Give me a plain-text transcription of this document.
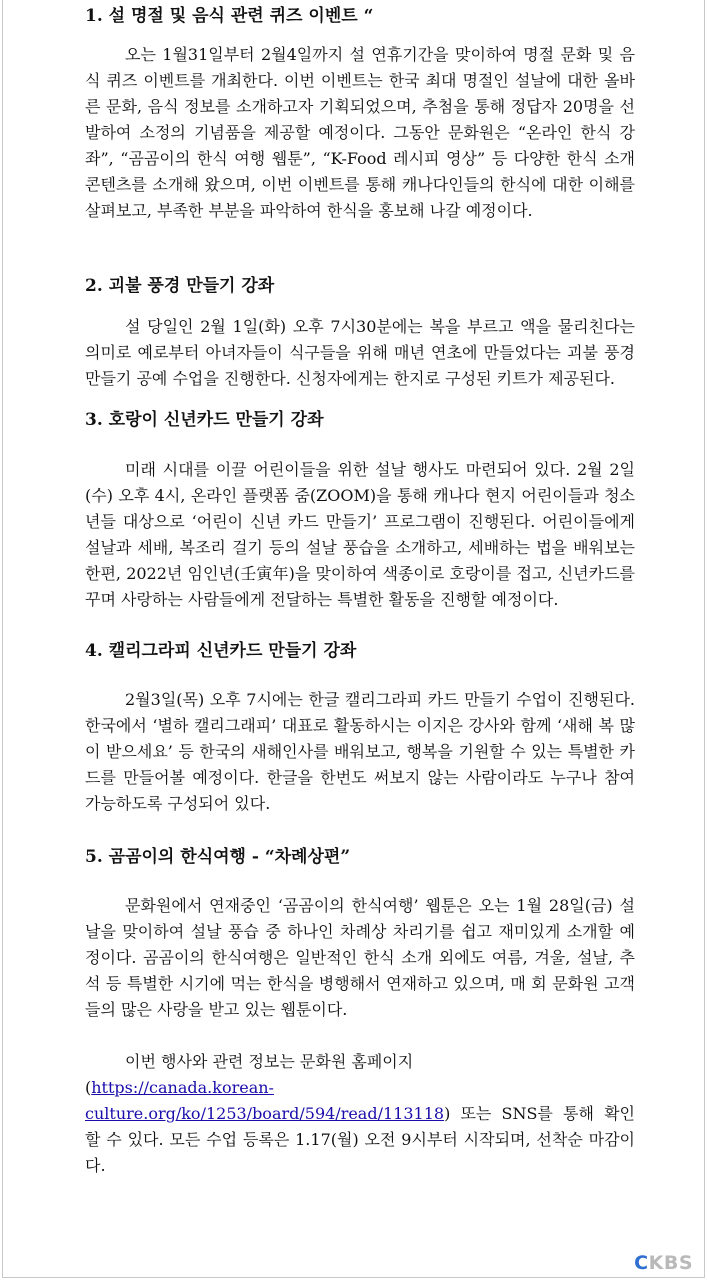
1. 설 명절 및 음식 관련 퀴즈 이벤트 “

오는 1월31일부터 2월4일까지 설 연휴기간을 맞이하여 명절 문화 및 음식 퀴즈 이벤트를 개최한다. 이번 이벤트는 한국 최대 명절인 설날에 대한 올바른 문화, 음식 정보를 소개하고자 기획되었으며, 추첨을 통해 정답자 20명을 선발하여 소정의 기념품을 제공할 예정이다. 그동안 문화원은 “온라인 한식 강좌”, “곰곰이의 한식 여행 웹툰”, “K-Food 레시피 영상” 등 다양한 한식 소개 콘텐츠를 소개해 왔으며, 이번 이벤트를 통해 캐나다인들의 한식에 대한 이해를 살펴보고, 부족한 부분을 파악하여 한식을 홍보해 나갈 예정이다.

2. 괴불 풍경 만들기 강좌

설 당일인 2월 1일(화) 오후 7시30분에는 복을 부르고 액을 물리친다는 의미로 예로부터 아녀자들이 식구들을 위해 매년 연초에 만들었다는 괴불 풍경 만들기 공예 수업을 진행한다. 신청자에게는 한지로 구성된 키트가 제공된다.

3. 호랑이 신년카드 만들기 강좌

미래 시대를 이끌 어린이들을 위한 설날 행사도 마련되어 있다. 2월 2일(수) 오후 4시, 온라인 플랫폼 줌(ZOOM)을 통해 캐나다 현지 어린이들과 청소년들 대상으로 ‘어린이 신년 카드 만들기’ 프로그램이 진행된다. 어린이들에게 설날과 세배, 복조리 걸기 등의 설날 풍습을 소개하고, 세배하는 법을 배워보는 한편, 2022년 임인년(壬寅年)을 맞이하여 색종이로 호랑이를 접고, 신년카드를 꾸며 사랑하는 사람들에게 전달하는 특별한 활동을 진행할 예정이다.

4. 캘리그라피 신년카드 만들기 강좌

2월3일(목) 오후 7시에는 한글 캘리그라피 카드 만들기 수업이 진행된다. 한국에서 ‘별하 캘리그래피’ 대표로 활동하시는 이지은 강사와 함께 ‘새해 복 많이 받으세요’ 등 한국의 새해인사를 배워보고, 행복을 기원할 수 있는 특별한 카드를 만들어볼 예정이다. 한글을 한번도 써보지 않는 사람이라도 누구나 참여 가능하도록 구성되어 있다.

5. 곰곰이의 한식여행 - “차례상편”

문화원에서 연재중인 ‘곰곰이의 한식여행’ 웹툰은 오는 1월 28일(금) 설날을 맞이하여 설날 풍습 중 하나인 차례상 차리기를 쉽고 재미있게 소개할 예정이다. 곰곰이의 한식여행은 일반적인 한식 소개 외에도 여름, 겨울, 설날, 추석 등 특별한 시기에 먹는 한식을 병행해서 연재하고 있으며, 매 회 문화원 고객들의 많은 사랑을 받고 있는 웹툰이다.

이번 행사와 관련 정보는 문화원 홈페이지
(https://canada.korean-culture.org/ko/1253/board/594/read/113118) 또는 SNS를 통해 확인 할 수 있다. 모든 수업 등록은 1.17(월) 오전 9시부터 시작되며, 선착순 마감이다.

CKBS
